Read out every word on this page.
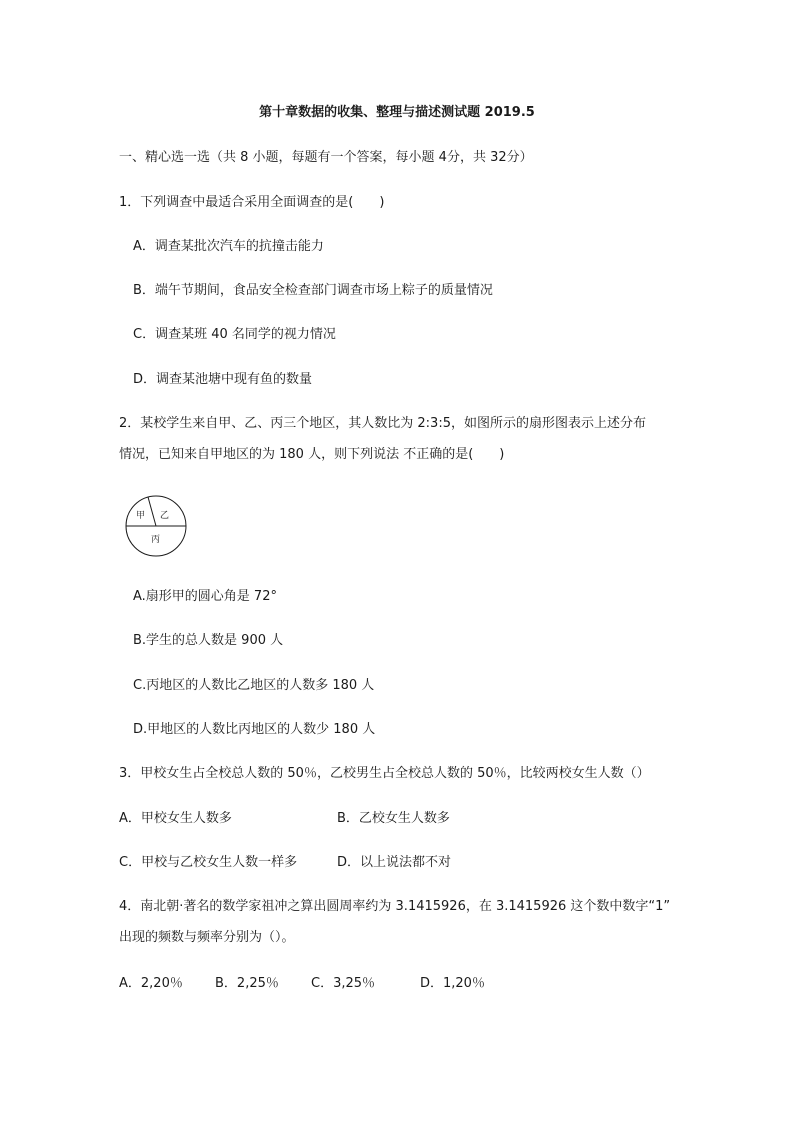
第十章数据的收集、整理与描述测试题 2019.5
一、精心选一选（共 8 小题，每题有一个答案，每小题 4分，共 32分）
1．下列调查中最适合采用全面调查的是(　　)
A．调查某批次汽车的抗撞击能力
B．端午节期间，食品安全检查部门调查市场上粽子的质量情况
C．调查某班 40 名同学的视力情况
D．调查某池塘中现有鱼的数量
2．某校学生来自甲、乙、丙三个地区，其人数比为 2:3:5，如图所示的扇形图表示上述分布
情况，已知来自甲地区的为 180 人，则下列说法 不正确的是(　　)
甲 乙
丙
A.扇形甲的圆心角是 72°
B.学生的总人数是 900 人
C.丙地区的人数比乙地区的人数多 180 人
D.甲地区的人数比丙地区的人数少 180 人
3．甲校女生占全校总人数的 50％，乙校男生占全校总人数的 50％，比较两校女生人数（）
A．甲校女生人数多	B．乙校女生人数多
C．甲校与乙校女生人数一样多	D．以上说法都不对
4．南北朝·著名的数学家祖冲之算出圆周率约为 3.1415926，在 3.1415926 这个数中数字“1”
出现的频数与频率分别为（）。
A．2,20％ B．2,25％ C．3,25％	D．1,20％
